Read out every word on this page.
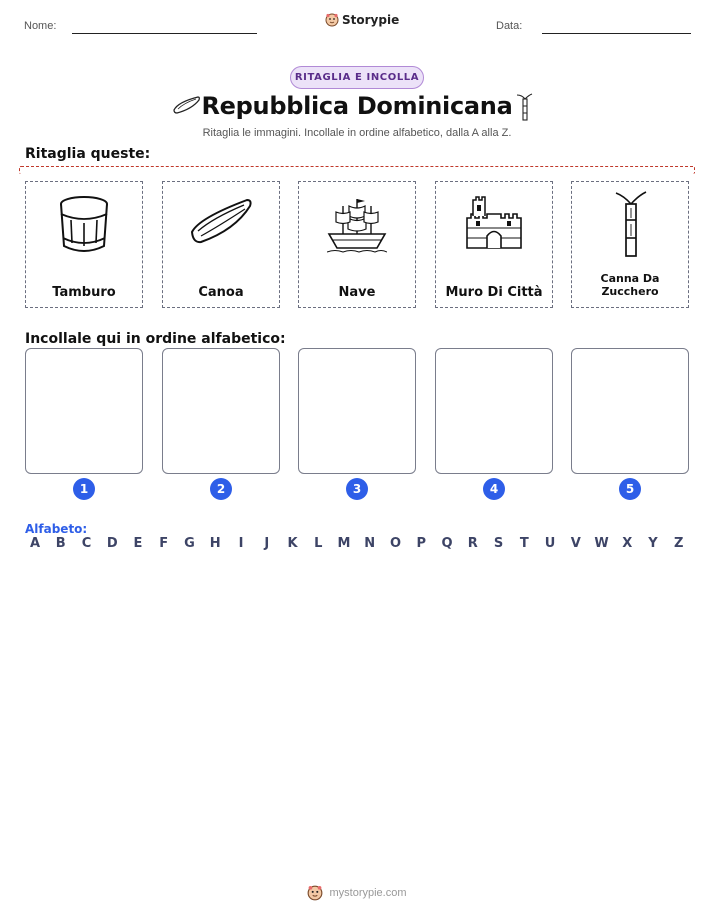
Nome:	Storypie	Data:
RITAGLIA E INCOLLA
Repubblica Dominicana
Ritaglia le immagini. Incollale in ordine alfabetico, dalla A alla Z.
Ritaglia queste:
Tamburo	Canoa	Nave	Muro Di Città
Canna Da Zucchero
Incollale qui in ordine alfabetico:
1	2	3	4	5
Alfabeto:
A	B	C	D	E	F	G	H	I	J	K	L	M	N	O	P	Q	R	S	T	U	V	W	X	Y	Z
mystorypie.com
